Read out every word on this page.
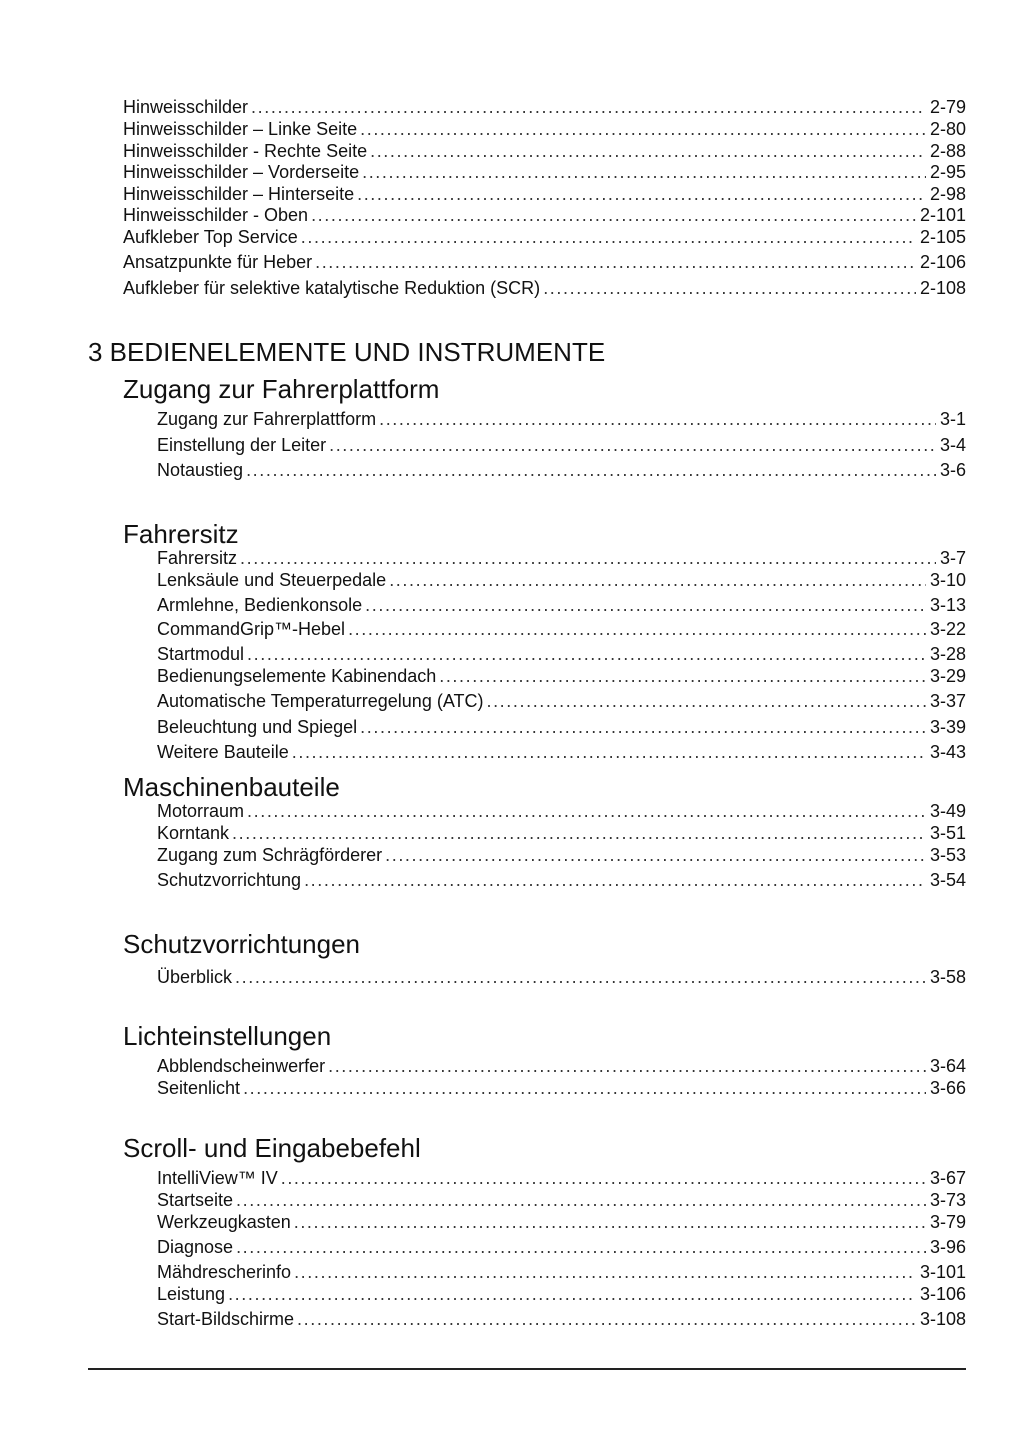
Hinweisschilder .....	2-79
Hinweisschilder – Linke Seite .....	2-80
Hinweisschilder - Rechte Seite .....	2-88
Hinweisschilder – Vorderseite .....	2-95
Hinweisschilder – Hinterseite .....	2-98
Hinweisschilder - Oben .....	2-101
Aufkleber Top Service .....	2-105
Ansatzpunkte für Heber .....	2-106
Aufkleber für selektive katalytische Reduktion (SCR) .....	2-108
3 BEDIENELEMENTE UND INSTRUMENTE
Zugang zur Fahrerplattform
Zugang zur Fahrerplattform .....	3-1
Einstellung der Leiter .....	3-4
Notaustieg .....	3-6
Fahrersitz
Fahrersitz .....	3-7
Lenksäule und Steuerpedale .....	3-10
Armlehne, Bedienkonsole .....	3-13
CommandGrip™-Hebel .....	3-22
Startmodul .....	3-28
Bedienungselemente Kabinendach .....	3-29
Automatische Temperaturregelung (ATC) .....	3-37
Beleuchtung und Spiegel .....	3-39
Weitere Bauteile .....	3-43
Maschinenbauteile
Motorraum .....	3-49
Korntank .....	3-51
Zugang zum Schrägförderer .....	3-53
Schutzvorrichtung .....	3-54
Schutzvorrichtungen
Überblick .....	3-58
Lichteinstellungen
Abblendscheinwerfer .....	3-64
Seitenlicht .....	3-66
Scroll- und Eingabebefehl
IntelliView™ IV .....	3-67
Startseite .....	3-73
Werkzeugkasten .....	3-79
Diagnose .....	3-96
Mähdrescherinfo .....	3-101
Leistung .....	3-106
Start-Bildschirme .....	3-108
